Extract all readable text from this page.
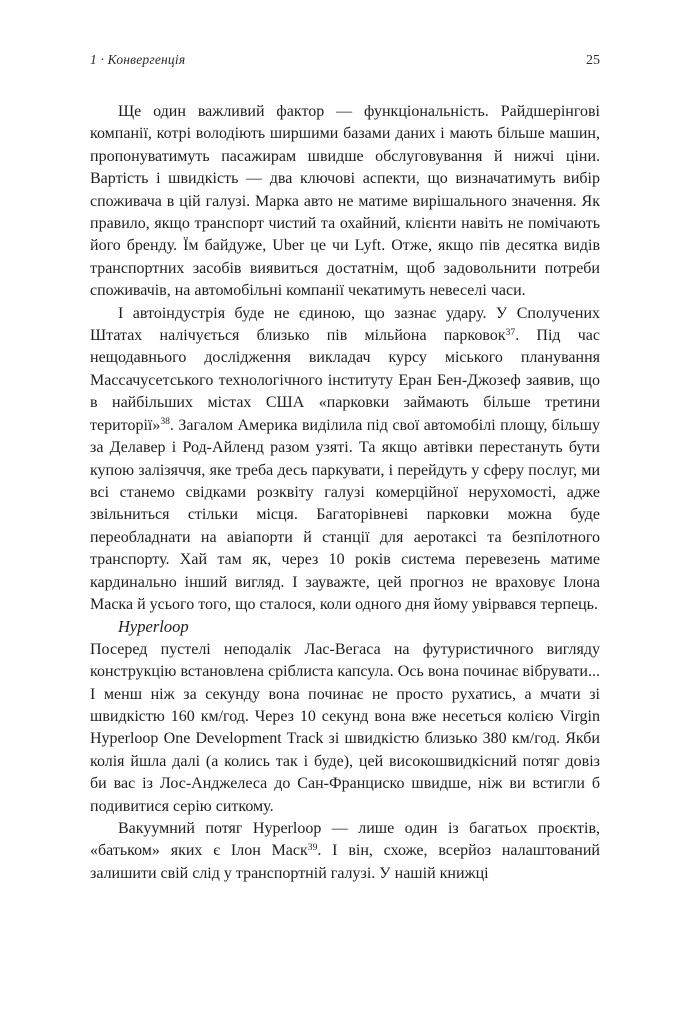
1 · Конвергенція	25

Ще один важливий фактор — функціональність. Райдшерінгові компанії, котрі володіють ширшими базами даних і мають більше машин, пропонуватимуть пасажирам швидше обслуговування й нижчі ціни. Вартість і швидкість — два ключові аспекти, що визначатимуть вибір споживача в цій галузі. Марка авто не матиме вирішального значення. Як правило, якщо транспорт чистий та охайний, клієнти навіть не помічають його бренду. Їм байдуже, Uber це чи Lyft. Отже, якщо пів десятка видів транспортних засобів виявиться достатнім, щоб задовольнити потреби споживачів, на автомобільні компанії чекатимуть невеселі часи.

І автоіндустрія буде не єдиною, що зазнає удару. У Сполучених Штатах налічується близько пів мільйона парковок$^{37}$. Під час нещодавнього дослідження викладач курсу міського планування Массачусетського технологічного інституту Еран Бен-Джозеф заявив, що в найбільших містах США «парковки займають більше третини території»$^{38}$. Загалом Америка виділила під свої автомобілі площу, більшу за Делавер і Род-Айленд разом узяті. Та якщо автівки перестануть бути купою залізяччя, яке треба десь паркувати, і перейдуть у сферу послуг, ми всі станемо свідками розквіту галузі комерційної нерухомості, адже звільниться стільки місця. Багаторівневі парковки можна буде переобладнати на авіапорти й станції для аеротаксі та безпілотного транспорту. Хай там як, через 10 років система перевезень матиме кардинально інший вигляд. І зауважте, цей прогноз не враховує Ілона Маска й усього того, що сталося, коли одного дня йому увірвався терпець.

Hyperloop

Посеред пустелі неподалік Лас-Вегаса на футуристичного вигляду конструкцію встановлена сріблиста капсула. Ось вона починає вібрувати... І менш ніж за секунду вона починає не просто рухатись, а мчати зі швидкістю 160 км/год. Через 10 секунд вона вже несеться колією Virgin Hyperloop One Development Track зі швидкістю близько 380 км/год. Якби колія йшла далі (а колись так і буде), цей високошвидкісний потяг довіз би вас із Лос-Анджелеса до Сан-Франциско швидше, ніж ви встигли б подивитися серію ситкому.

Вакуумний потяг Hyperloop — лише один із багатьох проєктів, «батьком» яких є Ілон Маск$^{39}$. І він, схоже, всерйоз налаштований залишити свій слід у транспортній галузі. У нашій книжці
